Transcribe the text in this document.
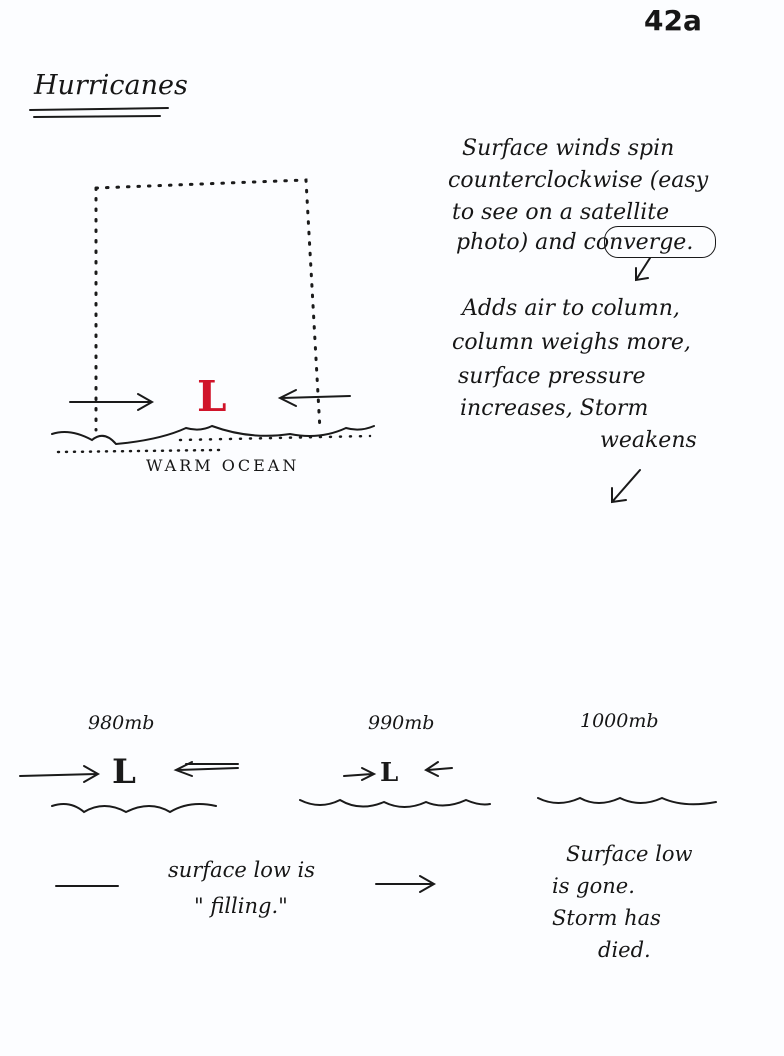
42a
Hurricanes
L
WARM OCEAN
Surface winds spin
counterclockwise (easy
to see on a satellite
photo) and converge.
Adds air to column,
column weighs more,
surface pressure
increases, Storm
weakens
980mb
L
990mb
L
1000mb
surface low is
" filling."
Surface low
is gone.
Storm has
died.
